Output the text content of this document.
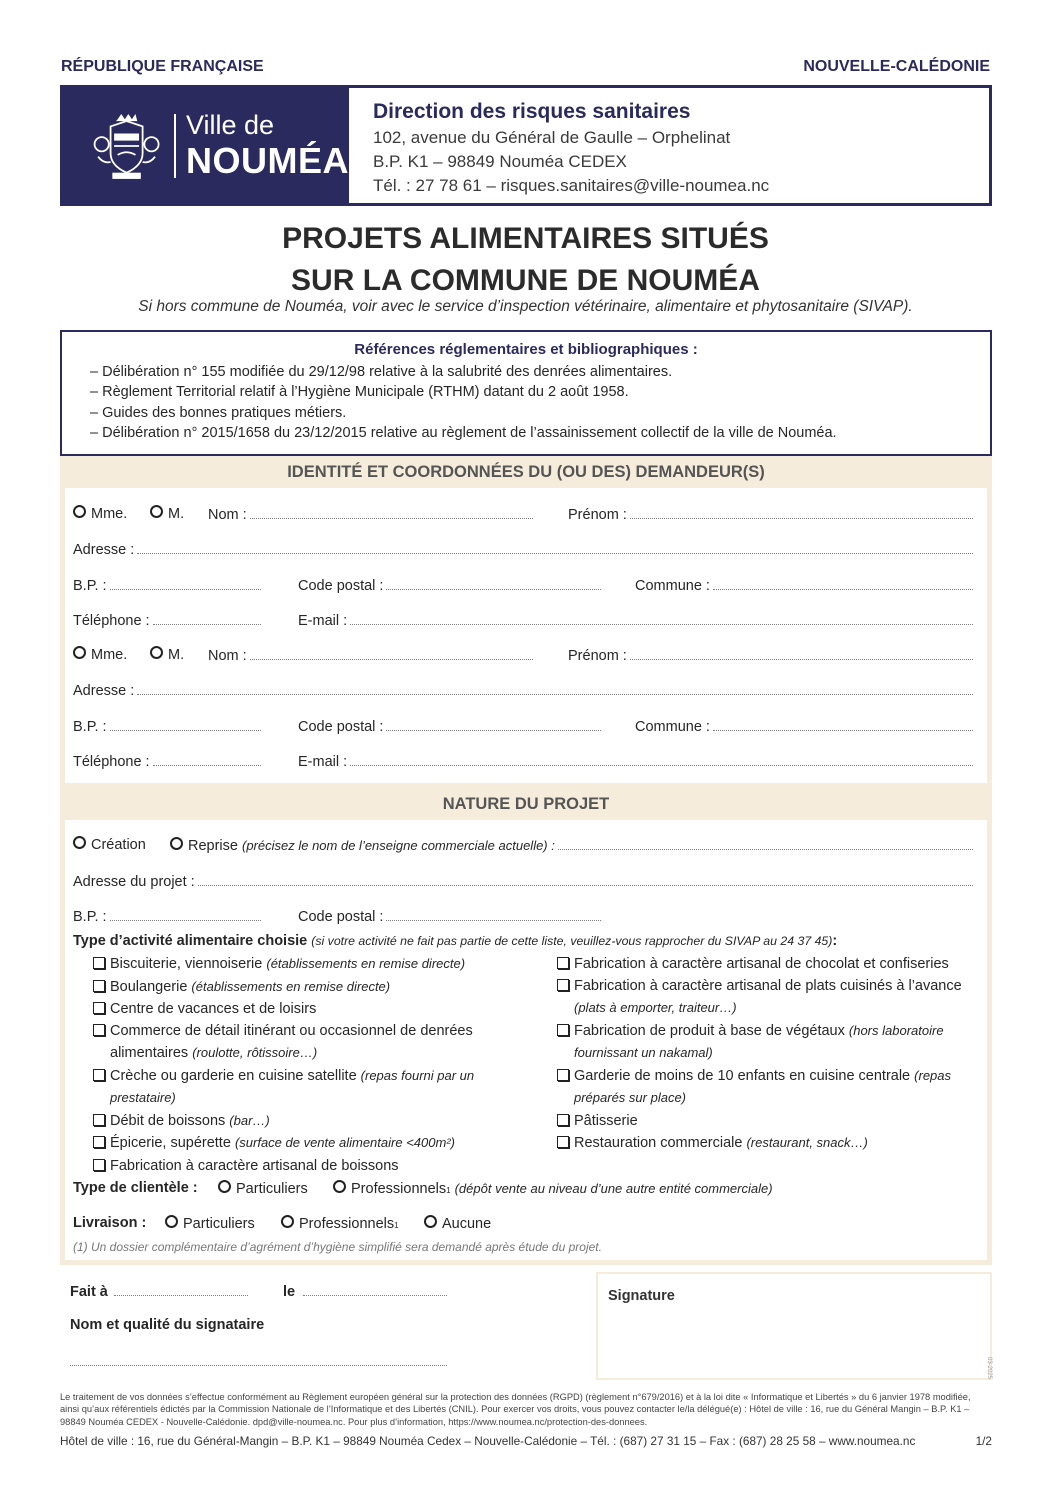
RÉPUBLIQUE FRANÇAISE	NOUVELLE-CALÉDONIE
Ville de
NOUMÉA
Direction des risques sanitaires
102, avenue du Général de Gaulle – Orphelinat
B.P. K1 – 98849 Nouméa CEDEX
Tél. : 27 78 61 – risques.sanitaires@ville-noumea.nc
PROJETS ALIMENTAIRES SITUÉS
SUR LA COMMUNE DE NOUMÉA
Si hors commune de Nouméa, voir avec le service d’inspection vétérinaire, alimentaire et phytosanitaire (SIVAP).
Références réglementaires et bibliographiques :
– Délibération n° 155 modifiée du 29/12/98 relative à la salubrité des denrées alimentaires.
– Règlement Territorial relatif à l’Hygiène Municipale (RTHM) datant du 2 août 1958.
– Guides des bonnes pratiques métiers.
– Délibération n° 2015/1658 du 23/12/2015 relative au règlement de l’assainissement collectif de la ville de Nouméa.
IDENTITÉ ET COORDONNÉES DU (OU DES) DEMANDEUR(S)
Mme.	M. Nom :	Prénom :
Adresse :
B.P. :	Code postal :	Commune :
Téléphone :	E-mail :
Mme.	M. Nom :	Prénom :
Adresse :
B.P. :	Code postal :	Commune :
Téléphone :	E-mail :
NATURE DU PROJET
Création	Reprise
(précisez le nom de l’enseigne commerciale actuelle) :
Adresse du projet :
B.P. :	Code postal :
Type d’activité alimentaire choisie
(si votre activité ne fait pas partie de cette liste, veuillez-vous rapprocher du SIVAP au 24 37 45) :
Biscuiterie, viennoiserie (établissements en remise directe)
Boulangerie (établissements en remise directe)
Centre de vacances et de loisirs
Commerce de détail itinérant ou occasionnel de denrées alimentaires (roulotte, rôtissoire…)
Crèche ou garderie en cuisine satellite (repas fourni par un prestataire)
Débit de boissons (bar…)
Épicerie, supérette (surface de vente alimentaire <400m²)
Fabrication à caractère artisanal de boissons
Fabrication à caractère artisanal de chocolat et confiseries
Fabrication à caractère artisanal de plats cuisinés à l’avance (plats à emporter, traiteur…)
Fabrication de produit à base de végétaux (hors laboratoire fournissant un nakamal)
Garderie de moins de 10 enfants en cuisine centrale (repas préparés sur place)
Pâtisserie
Restauration commerciale (restaurant, snack…)
Type de clientèle :	Particuliers	Professionnels 1
(dépôt vente au niveau d’une autre entité commerciale)
Livraison :	Particuliers	Professionnels 1	Aucune
(1) Un dossier complémentaire d’agrément d’hygiène simplifié sera demandé après étude du projet.
Fait à	le
Nom et qualité du signataire
Signature
03-2025
Le traitement de vos données s’effectue conformément au Règlement européen général sur la protection des données (RGPD) (règlement n°679/2016) et à la loi dite « Informatique et Libertés » du 6 janvier 1978 modifiée, ainsi qu’aux référentiels édictés par la Commission Nationale de l’Informatique et des Libertés (CNIL). Pour exercer vos droits, vous pouvez contacter le/la délégué(e) : Hôtel de ville : 16, rue du Général Mangin – B.P. K1 – 98849 Nouméa CEDEX - Nouvelle-Calédonie. dpd@ville-noumea.nc. Pour plus d’information, https://www.noumea.nc/protection-des-donnees.
Hôtel de ville : 16, rue du Général-Mangin – B.P. K1 – 98849 Nouméa Cedex – Nouvelle-Calédonie – Tél. : (687) 27 31 15 – Fax : (687) 28 25 58 – www.noumea.nc	1/2
